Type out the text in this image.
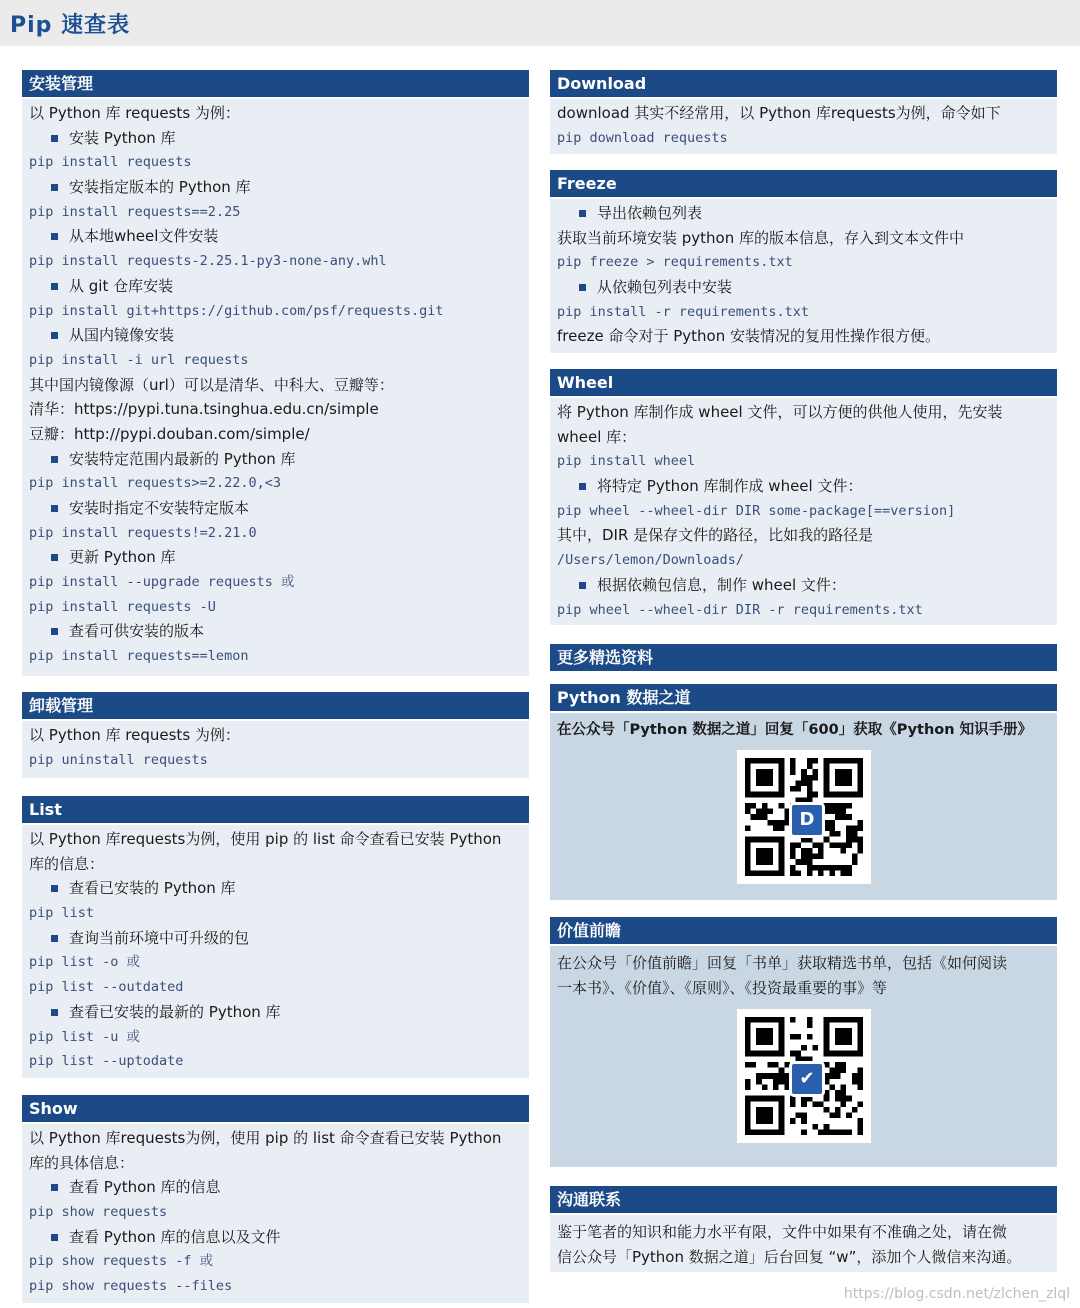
Pip 速查表
安装管理
以 Python 库 requests 为例：
安装 Python 库
pip install requests
安装指定版本的 Python 库
pip install requests==2.25
从本地wheel文件安装
pip install requests-2.25.1-py3-none-any.whl
从 git 仓库安装
pip install git+https://github.com/psf/requests.git
从国内镜像安装
pip install -i url requests
其中国内镜像源（url）可以是清华、中科大、豆瓣等：
清华：https://pypi.tuna.tsinghua.edu.cn/simple
豆瓣：http://pypi.douban.com/simple/
安装特定范围内最新的 Python 库
pip install requests>=2.22.0,<3
安装时指定不安装特定版本
pip install requests!=2.21.0
更新 Python 库
pip install --upgrade requests 或
pip install requests -U
查看可供安装的版本
pip install requests==lemon
卸载管理
以 Python 库 requests 为例：
pip uninstall requests
List
以 Python 库requests为例，使用 pip 的 list 命令查看已安装 Python
库的信息：
查看已安装的 Python 库
pip list
查询当前环境中可升级的包
pip list -o 或
pip list --outdated
查看已安装的最新的 Python 库
pip list -u 或
pip list --uptodate
Show
以 Python 库requests为例，使用 pip 的 list 命令查看已安装 Python
库的具体信息：
查看 Python 库的信息
pip show requests
查看 Python 库的信息以及文件
pip show requests -f 或
pip show requests --files
Download
download 其实不经常用，以 Python 库requests为例，命令如下
pip download requests
Freeze
导出依赖包列表
获取当前环境安装 python 库的版本信息，存入到文本文件中
pip freeze > requirements.txt
从依赖包列表中安装
pip install -r requirements.txt
freeze 命令对于 Python 安装情况的复用性操作很方便。
Wheel
将 Python 库制作成 wheel 文件，可以方便的供他人使用，先安装
wheel 库：
pip install wheel
将特定 Python 库制作成 wheel 文件：
pip wheel --wheel-dir DIR some-package[==version]
其中，DIR 是保存文件的路径，比如我的路径是
/Users/lemon/Downloads/
根据依赖包信息，制作 wheel 文件：
pip wheel --wheel-dir DIR -r requirements.txt
更多精选资料
Python 数据之道
在公众号「Python 数据之道」回复「600」获取《Python 知识手册》
D
价值前瞻
在公众号「价值前瞻」回复「书单」获取精选书单，包括《如何阅读
一本书》、《价值》、《原则》、《投资最重要的事》等
✔
沟通联系
鉴于笔者的知识和能力水平有限，文件中如果有不准确之处，请在微
信公众号「Python 数据之道」后台回复 “w”，添加个人微信来沟通。
https://blog.csdn.net/zlchen_zlql
